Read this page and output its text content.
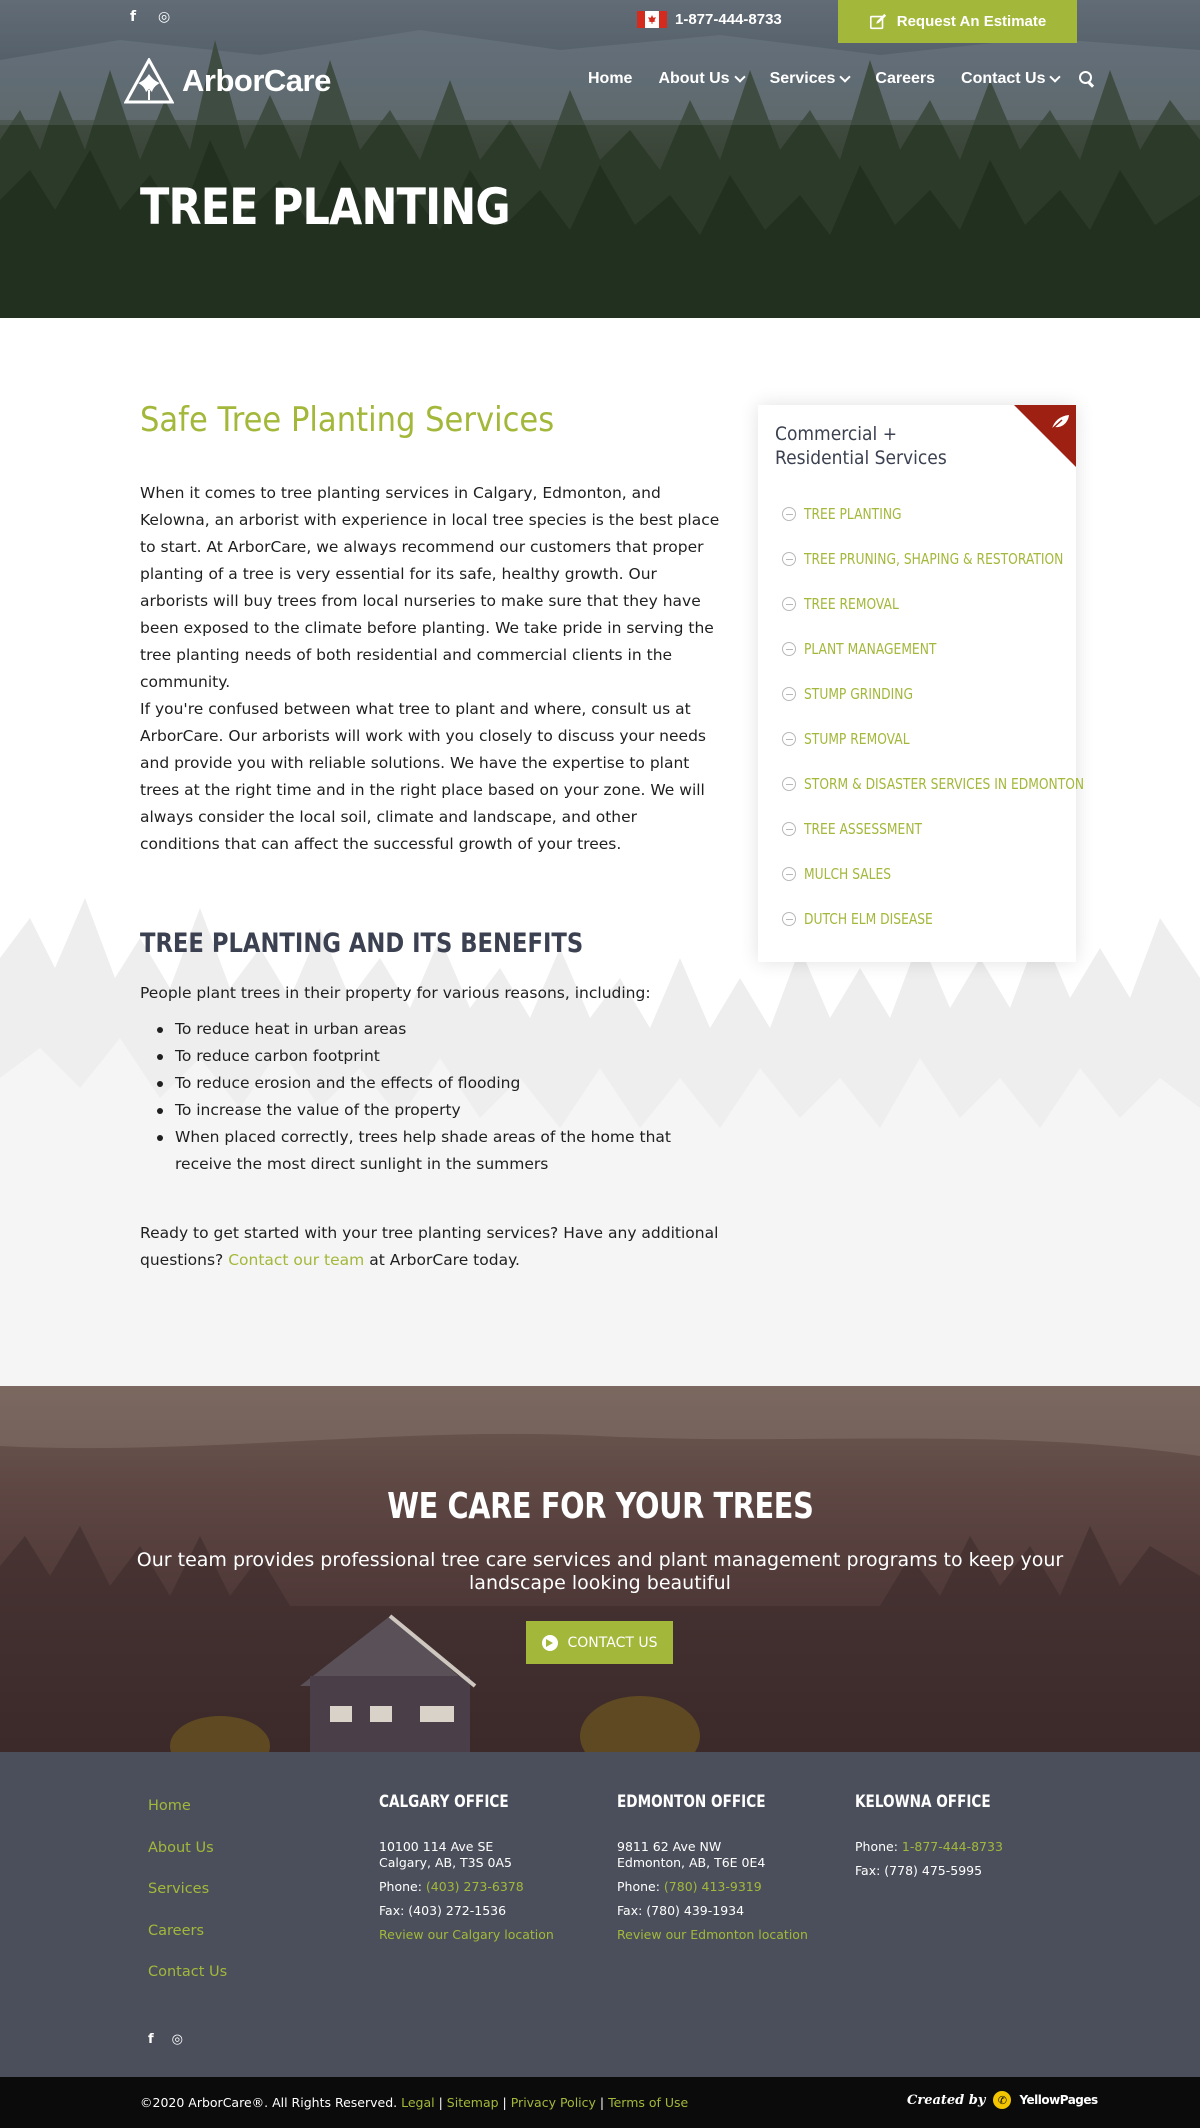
f	◎	1-877-444-8733	Request An Estimate
ArborCare	Home About Us	Services	Careers Contact Us
TREE PLANTING
Safe Tree Planting Services

When it comes to tree planting services in Calgary, Edmonton, and Kelowna, an arborist with experience in local tree species is the best place to start. At ArborCare, we always recommend our customers that proper planting of a tree is very essential for its safe, healthy growth. Our arborists will buy trees from local nurseries to make sure that they have been exposed to the climate before planting. We take pride in serving the tree planting needs of both residential and commercial clients in the community.

If you're confused between what tree to plant and where, consult us at ArborCare. Our arborists will work with you closely to discuss your needs and provide you with reliable solutions. We have the expertise to plant trees at the right time and in the right place based on your zone. We will always consider the local soil, climate and landscape, and other conditions that can affect the successful growth of your trees.

TREE PLANTING AND ITS BENEFITS

People plant trees in their property for various reasons, including:

To reduce heat in urban areas
To reduce carbon footprint
To reduce erosion and the effects of flooding
To increase the value of the property
When placed correctly, trees help shade areas of the home that receive the most direct sunlight in the summers

Ready to get started with your tree planting services? Have any additional questions? Contact our team at ArborCare today.

Commercial + Residential Services
TREE PLANTING
TREE PRUNING, SHAPING & RESTORATION
TREE REMOVAL
PLANT MANAGEMENT
STUMP GRINDING
STUMP REMOVAL
STORM & DISASTER SERVICES IN EDMONTON
TREE ASSESSMENT
MULCH SALES
DUTCH ELM DISEASE
WE CARE FOR YOUR TREES

Our team provides professional tree care services and plant management programs to keep your landscape looking beautiful

CONTACT US
Home
About Us
Services
Careers
Contact Us
CALGARY OFFICE
10100 114 Ave SE
Calgary, AB, T3S 0A5
Phone: (403) 273-6378
Fax: (403) 272-1536
Review our Calgary location
EDMONTON OFFICE
9811 62 Ave NW
Edmonton, AB, T6E 0E4
Phone: (780) 413-9319
Fax: (780) 439-1934
Review our Edmonton location
KELOWNA OFFICE
Phone: 1-877-444-8733
Fax: (778) 475-5995
f ◎
©2020 ArborCare®. All Rights Reserved. Legal | Sitemap | Privacy Policy | Terms of Use	Created by	✆	YellowPages
